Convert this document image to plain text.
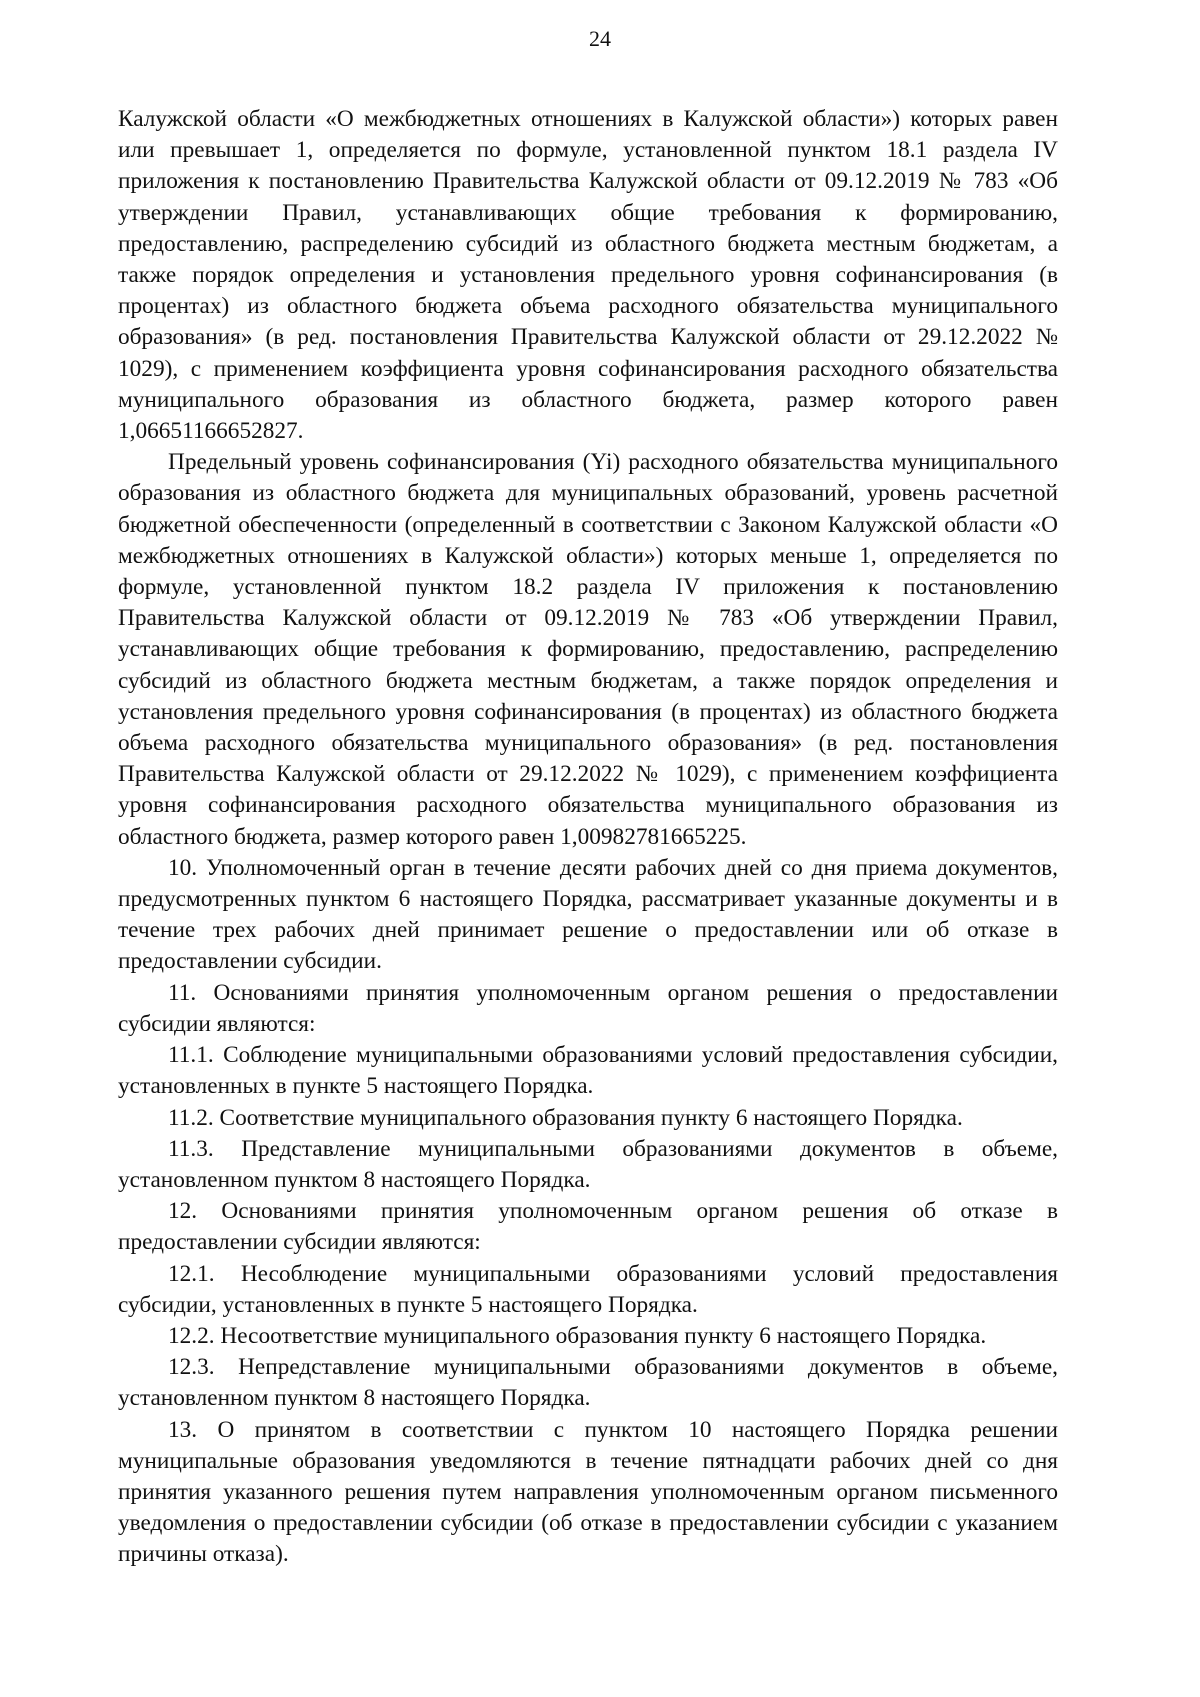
24

Калужской области «О межбюджетных отношениях в Калужской области») которых равен или превышает 1, определяется по формуле, установленной пунктом 18.1 раздела IV приложения к постановлению Правительства Калужской области от 09.12.2019 № 783 «Об утверждении Правил, устанавливающих общие требования к формированию, предоставлению, распределению субсидий из областного бюджета местным бюджетам, а также порядок определения и установления предельного уровня софинансирования (в процентах) из областного бюджета объема расходного обязательства муниципального образования» (в ред. постановления Правительства Калужской области от 29.12.2022 № 1029), с применением коэффициента уровня софинансирования расходного обязательства муниципального образования из областного бюджета, размер которого равен 1,06651166652827.

Предельный уровень софинансирования (Yi) расходного обязательства муниципального образования из областного бюджета для муниципальных образований, уровень расчетной бюджетной обеспеченности (определенный в соответствии с Законом Калужской области «О межбюджетных отношениях в Калужской области») которых меньше 1, определяется по формуле, установленной пунктом 18.2 раздела IV приложения к постановлению Правительства Калужской области от 09.12.2019 № 783 «Об утверждении Правил, устанавливающих общие требования к формированию, предоставлению, распределению субсидий из областного бюджета местным бюджетам, а также порядок определения и установления предельного уровня софинансирования (в процентах) из областного бюджета объема расходного обязательства муниципального образования» (в ред. постановления Правительства Калужской области от 29.12.2022 № 1029), с применением коэффициента уровня софинансирования расходного обязательства муниципального образования из областного бюджета, размер которого равен 1,00982781665225.

10. Уполномоченный орган в течение десяти рабочих дней со дня приема документов, предусмотренных пунктом 6 настоящего Порядка, рассматривает указанные документы и в течение трех рабочих дней принимает решение о предоставлении или об отказе в предоставлении субсидии.

11. Основаниями принятия уполномоченным органом решения о предоставлении субсидии являются:

11.1. Соблюдение муниципальными образованиями условий предоставления субсидии, установленных в пункте 5 настоящего Порядка.

11.2. Соответствие муниципального образования пункту 6 настоящего Порядка.

11.3. Представление муниципальными образованиями документов в объеме, установленном пунктом 8 настоящего Порядка.

12. Основаниями принятия уполномоченным органом решения об отказе в предоставлении субсидии являются:

12.1. Несоблюдение муниципальными образованиями условий предоставления субсидии, установленных в пункте 5 настоящего Порядка.

12.2. Несоответствие муниципального образования пункту 6 настоящего Порядка.

12.3. Непредставление муниципальными образованиями документов в объеме, установленном пунктом 8 настоящего Порядка.

13. О принятом в соответствии с пунктом 10 настоящего Порядка решении муниципальные образования уведомляются в течение пятнадцати рабочих дней со дня принятия указанного решения путем направления уполномоченным органом письменного уведомления о предоставлении субсидии (об отказе в предоставлении субсидии с указанием причины отказа).
